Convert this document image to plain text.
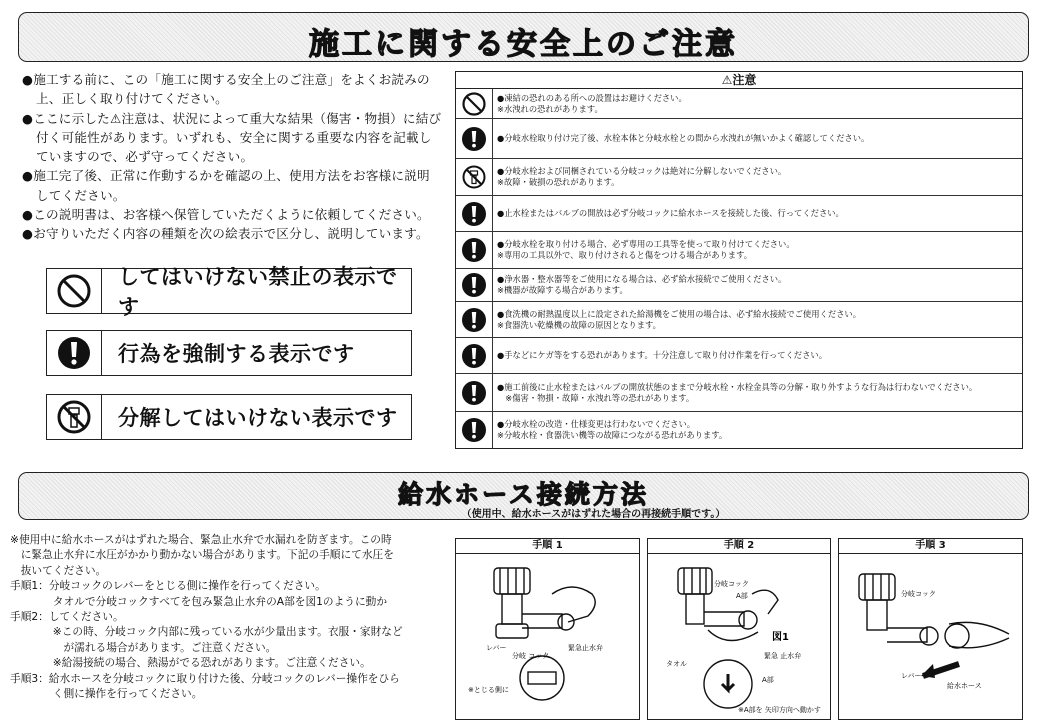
施工に関する安全上のご注意

●施工する前に、この「施工に関する安全上のご注意」をよくお読みの上、正しく取り付けてください。

●ここに示した⚠注意は、状況によって重大な結果（傷害・物損）に結び付く可能性があります。いずれも、安全に関する重要な内容を記載していますので、必ず守ってください。

●施工完了後、正常に作動するかを確認の上、使用方法をお客様に説明してください。

●この説明書は、お客様へ保管していただくように依頼してください。

●お守りいただく内容の種類を次の絵表示で区分し、説明しています。

してはいけない禁止の表示です
行為を強制する表示です
分解してはいけない表示です
⚠注意
●凍結の恐れのある所への設置はお避けください。
※水洩れの恐れがあります。
●分岐水栓取り付け完了後、水栓本体と分岐水栓との間から水洩れが無いかよく確認してください。
●分岐水栓および同梱されている分岐コックは絶対に分解しないでください。
※故障・破損の恐れがあります。
●止水栓またはバルブの開放は必ず分岐コックに給水ホースを接続した後、行ってください。
●分岐水栓を取り付ける場合、必ず専用の工具等を使って取り付けてください。
※専用の工具以外で、取り付けされると傷をつける場合があります。
●浄水器・整水器等をご使用になる場合は、必ず給水接続でご使用ください。
※機器が故障する場合があります。
●食洗機の耐熱温度以上に設定された給湯機をご使用の場合は、必ず給水接続でご使用ください。
※食器洗い乾燥機の故障の原因となります。
●手などにケガ等をする恐れがあります。十分注意して取り付け作業を行ってください。
●施工前後に止水栓またはバルブの開放状態のままで分岐水栓・水栓金具等の分解・取り外すような行為は行わないでください。
　※傷害・物損・故障・水洩れ等の恐れがあります。
●分岐水栓の改造・仕様変更は行わないでください。
※分岐水栓・食器洗い機等の故障につながる恐れがあります。
給水ホース接続方法
（使用中、給水ホースがはずれた場合の再接続手順です。）
※使用中に給水ホースがはずれた場合、緊急止水弁で水漏れを防ぎます。この時
　に緊急止水弁に水圧がかかり動かない場合があります。下記の手順にて水圧を
　抜いてください。
手順1：分岐コックのレバーをとじる側に操作を行ってください。
　　　　タオルで分岐コックすべてを包み緊急止水弁のA部を図1のように動か
手順2：してください。
　　　　※この時、分岐コック内部に残っている水が少量出ます。衣服・家財など
　　　　　が濡れる場合があります。ご注意ください。
　　　　※給湯接続の場合、熱湯がでる恐れがあります。ご注意ください。
手順3：給水ホースを分岐コックに取り付けた後、分岐コックのレバー操作をひら
　　　　く側に操作を行ってください。
手順 1
レバー
分岐 コック
緊急止水弁
※とじる側に
手順 2
分岐コック
A部
タオル
緊急 止水弁
A部
図1
※A部を 矢印方向へ動かす
手順 3
分岐コック
レバー
給水ホース
